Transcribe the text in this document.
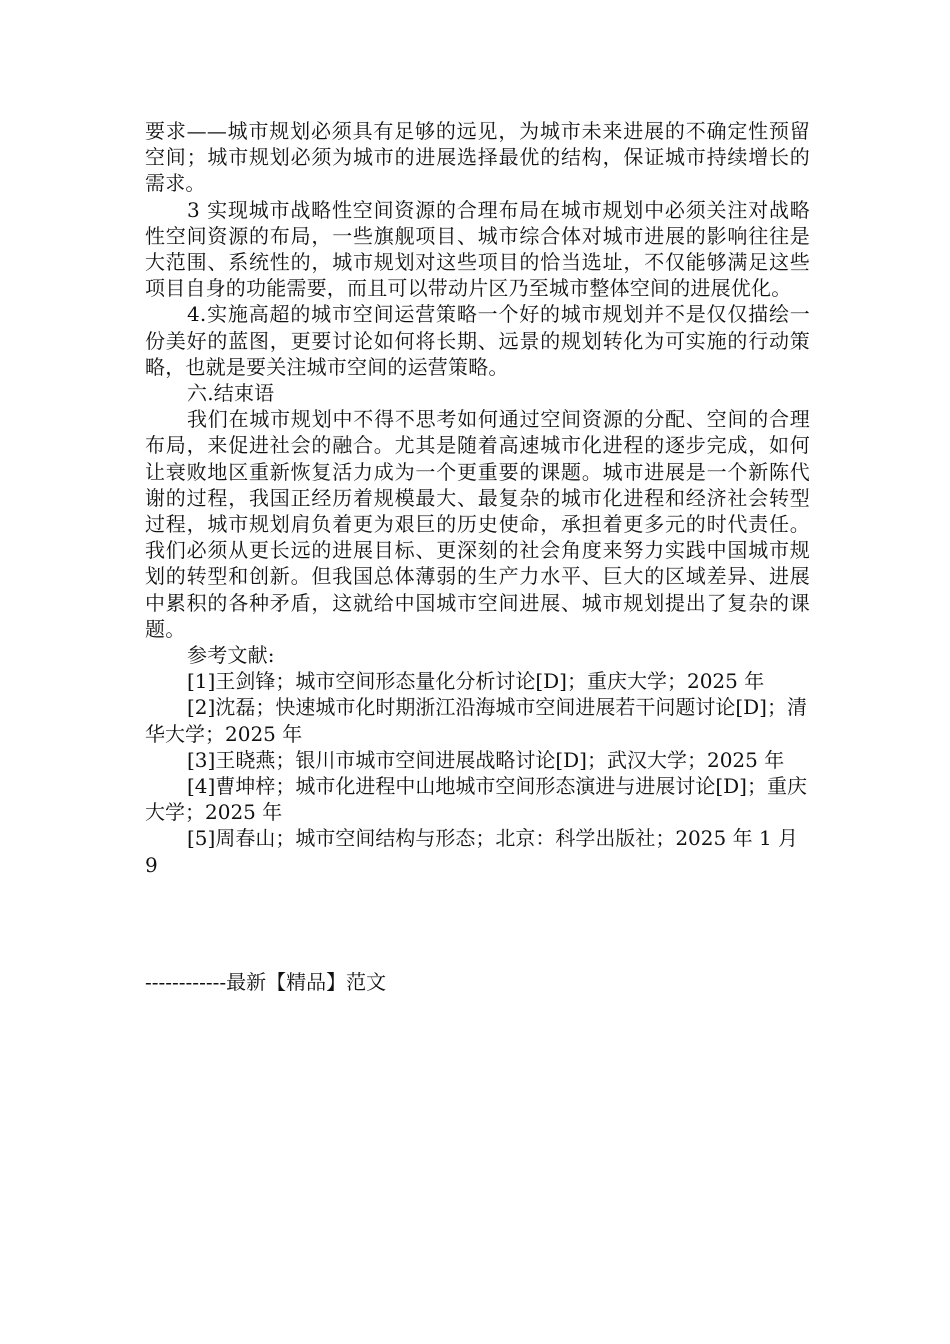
要求——城市规划必须具有足够的远见，为城市未来进展的不确定性预留空间；城市规划必须为城市的进展选择最优的结构，保证城市持续增长的需求。

3 实现城市战略性空间资源的合理布局在城市规划中必须关注对战略性空间资源的布局，一些旗舰项目、城市综合体对城市进展的影响往往是大范围、系统性的，城市规划对这些项目的恰当选址，不仅能够满足这些项目自身的功能需要，而且可以带动片区乃至城市整体空间的进展优化。

4.实施高超的城市空间运营策略一个好的城市规划并不是仅仅描绘一份美好的蓝图，更要讨论如何将长期、远景的规划转化为可实施的行动策略，也就是要关注城市空间的运营策略。

六.结束语

我们在城市规划中不得不思考如何通过空间资源的分配、空间的合理布局，来促进社会的融合。尤其是随着高速城市化进程的逐步完成，如何让衰败地区重新恢复活力成为一个更重要的课题。城市进展是一个新陈代谢的过程，我国正经历着规模最大、最复杂的城市化进程和经济社会转型过程，城市规划肩负着更为艰巨的历史使命，承担着更多元的时代责任。我们必须从更长远的进展目标、更深刻的社会角度来努力实践中国城市规划的转型和创新。但我国总体薄弱的生产力水平、巨大的区域差异、进展中累积的各种矛盾，这就给中国城市空间进展、城市规划提出了复杂的课题。

参考文献:

[1]王剑锋；城市空间形态量化分析讨论[D]；重庆大学；2025 年

[2]沈磊；快速城市化时期浙江沿海城市空间进展若干问题讨论[D]；清华大学；2025 年

[3]王晓燕；银川市城市空间进展战略讨论[D]；武汉大学；2025 年

[4]曹坤梓；城市化进程中山地城市空间形态演进与进展讨论[D]；重庆大学；2025 年

[5]周春山；城市空间结构与形态；北京：科学出版社；2025 年 1 月 9

------------最新【精品】范文
